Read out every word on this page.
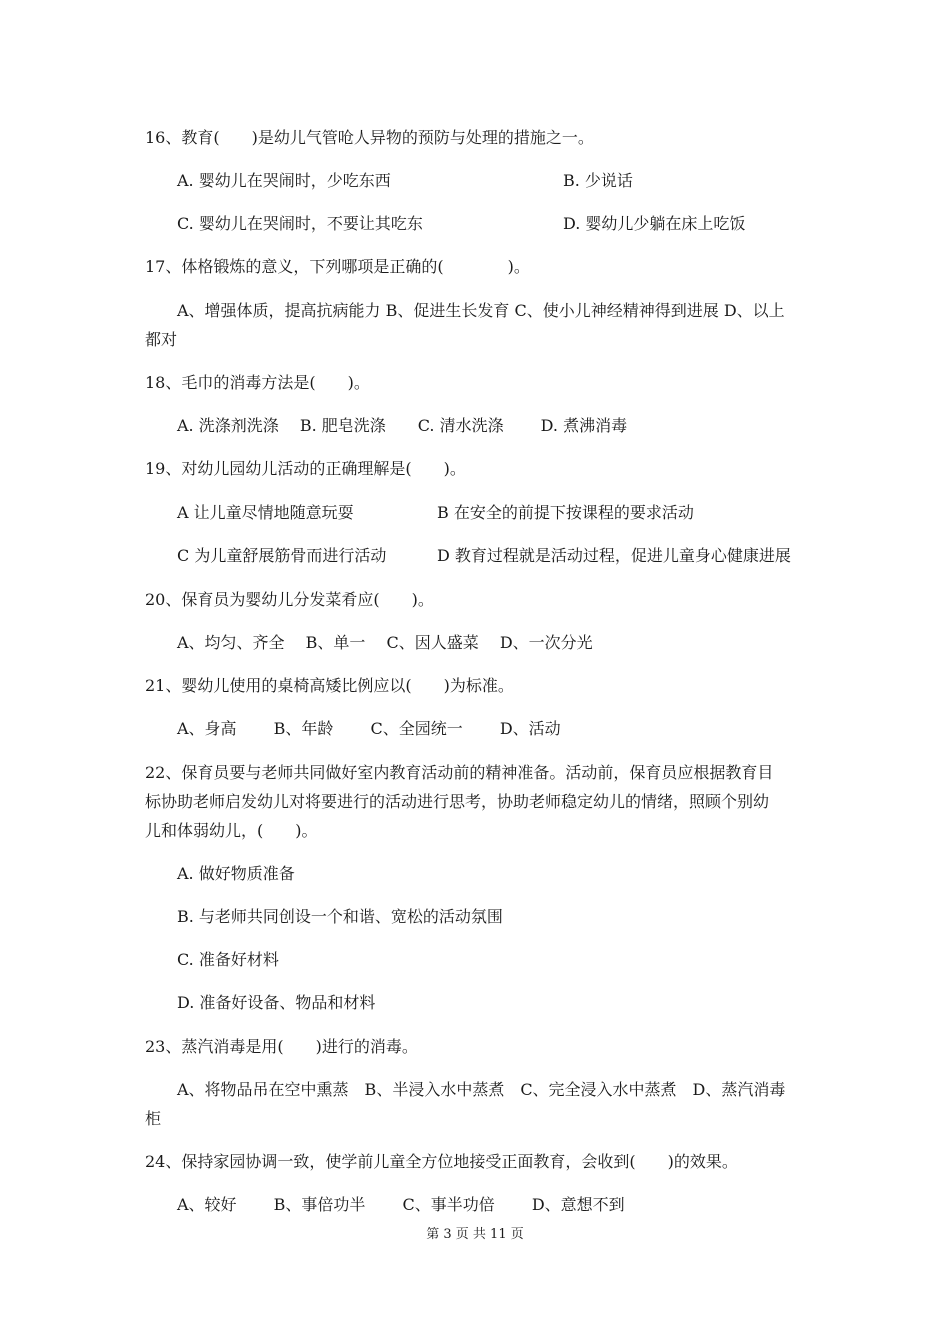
16、教育(　　)是幼儿气管呛人异物的预防与处理的措施之一。
A. 婴幼儿在哭闹时，少吃东西	B. 少说话
C. 婴幼儿在哭闹时，不要让其吃东	D. 婴幼儿少躺在床上吃饭
17、体格锻炼的意义，下列哪项是正确的(　　　　)。
A、增强体质，提高抗病能力 B、促进生长发育 C、使小儿神经精神得到进展 D、以上
都对
18、毛巾的消毒方法是(　　)。
A. 洗涤剂洗涤　 B. 肥皂洗涤　　C. 清水洗涤　　 D. 煮沸消毒
19、对幼儿园幼儿活动的正确理解是(　　)。
A 让儿童尽情地随意玩耍	B 在安全的前提下按课程的要求活动
C 为儿童舒展筋骨而进行活动	D 教育过程就是活动过程，促进儿童身心健康进展
20、保育员为婴幼儿分发菜肴应(　　)。
A、均匀、齐全　 B、单一　 C、因人盛菜　 D、一次分光
21、婴幼儿使用的桌椅高矮比例应以(　　)为标准。
A、身高　　 B、年龄　　 C、全园统一　　 D、活动
22、保育员要与老师共同做好室内教育活动前的精神准备。活动前，保育员应根据教育目
标协助老师启发幼儿对将要进行的活动进行思考，协助老师稳定幼儿的情绪，照顾个别幼
儿和体弱幼儿，(　　)。
A. 做好物质准备
B. 与老师共同创设一个和谐、宽松的活动氛围
C. 准备好材料
D. 准备好设备、物品和材料
23、蒸汽消毒是用(　　)进行的消毒。
A、将物品吊在空中熏蒸　B、半浸入水中蒸煮　C、完全浸入水中蒸煮　D、蒸汽消毒
柜
24、保持家园协调一致，使学前儿童全方位地接受正面教育，会收到(　　)的效果。
A、较好　　 B、事倍功半　　 C、事半功倍　　 D、意想不到
第 3 页 共 11 页
